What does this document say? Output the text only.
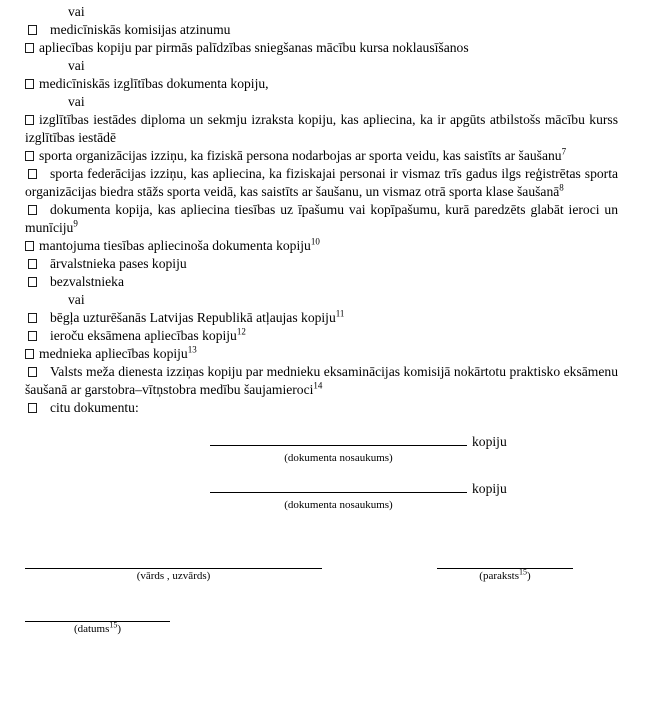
vai
medicīniskās komisijas atzinumu
apliecības kopiju par pirmās palīdzības sniegšanas mācību kursa noklausīšanos
vai
medicīniskās izglītības dokumenta kopiju,
vai
izglītības iestādes diploma un sekmju izraksta kopiju, kas apliecina, ka ir apgūts atbilstošs mācību kurss izglītības iestādē
sporta organizācijas izziņu, ka fiziskā persona nodarbojas ar sporta veidu, kas saistīts ar šaušanu$^7$
sporta federācijas izziņu, kas apliecina, ka fiziskajai personai ir vismaz trīs gadus ilgs reģistrētas sporta organizācijas biedra stāžs sporta veidā, kas saistīts ar šaušanu, un vismaz otrā sporta klase šaušanā$^8$
dokumenta kopija, kas apliecina tiesības uz īpašumu vai kopīpašumu, kurā paredzēts glabāt ieroci un munīciju$^9$
mantojuma tiesības apliecinoša dokumenta kopiju$^{10}$
ārvalstnieka pases kopiju
bezvalstnieka
vai
bēgļa uzturēšanās Latvijas Republikā atļaujas kopiju$^{11}$
ieroču eksāmena apliecības kopiju$^{12}$
mednieka apliecības kopiju$^{13}$
Valsts meža dienesta izziņas kopiju par mednieku eksaminācijas komisijā nokārtotu praktisko eksāmenu šaušanā ar garstobra–vītņstobra medību šaujamieroci$^{14}$
citu dokumentu:
kopiju
(dokumenta nosaukums)
kopiju
(dokumenta nosaukums)
(vārds , uzvārds)	(paraksts$^{15}$)
(datums$^{15}$)
